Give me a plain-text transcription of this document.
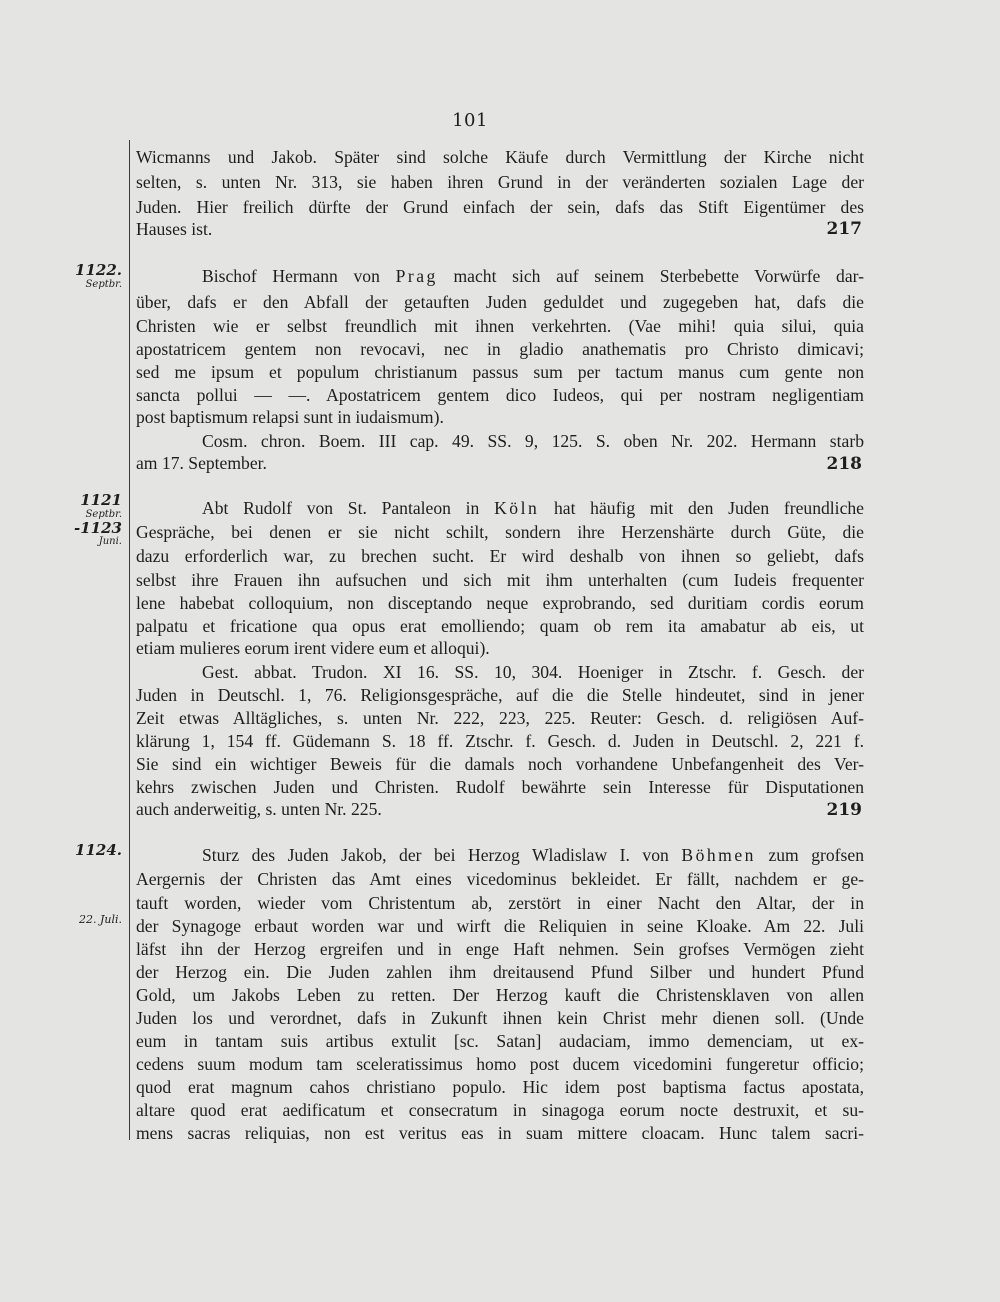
101
1122.
Septbr.
1121
Septbr.
-1123
Juni.
1124.
22. Juli.
Wicmanns und Jakob. Später sind solche Käufe durch Vermittlung der Kirche nicht
selten, s. unten Nr. 313, sie haben ihren Grund in der veränderten sozialen Lage der
Juden. Hier freilich dürfte der Grund einfach der sein, dafs das Stift Eigentümer des
Hauses ist.	217
Bischof Hermann von Prag macht sich auf seinem Sterbebette Vorwürfe dar-
über, dafs er den Abfall der getauften Juden geduldet und zugegeben hat, dafs die
Christen wie er selbst freundlich mit ihnen verkehrten. (Vae mihi! quia silui, quia
apostatricem gentem non revocavi, nec in gladio anathematis pro Christo dimicavi;
sed me ipsum et populum christianum passus sum per tactum manus cum gente non
sancta pollui — —. Apostatricem gentem dico Iudeos, qui per nostram negligentiam
post baptismum relapsi sunt in iudaismum).
Cosm. chron. Boem. III cap. 49. SS. 9, 125. S. oben Nr. 202. Hermann starb
am 17. September.	218
Abt Rudolf von St. Pantaleon in Köln hat häufig mit den Juden freundliche
Gespräche, bei denen er sie nicht schilt, sondern ihre Herzenshärte durch Güte, die
dazu erforderlich war, zu brechen sucht. Er wird deshalb von ihnen so geliebt, dafs
selbst ihre Frauen ihn aufsuchen und sich mit ihm unterhalten (cum Iudeis frequenter
lene habebat colloquium, non disceptando neque exprobrando, sed duritiam cordis eorum
palpatu et fricatione qua opus erat emolliendo; quam ob rem ita amabatur ab eis, ut
etiam mulieres eorum irent videre eum et alloqui).
Gest. abbat. Trudon. XI 16. SS. 10, 304. Hoeniger in Ztschr. f. Gesch. der
Juden in Deutschl. 1, 76. Religionsgespräche, auf die die Stelle hindeutet, sind in jener
Zeit etwas Alltägliches, s. unten Nr. 222, 223, 225. Reuter: Gesch. d. religiösen Auf-
klärung 1, 154 ff. Güdemann S. 18 ff. Ztschr. f. Gesch. d. Juden in Deutschl. 2, 221 f.
Sie sind ein wichtiger Beweis für die damals noch vorhandene Unbefangenheit des Ver-
kehrs zwischen Juden und Christen. Rudolf bewährte sein Interesse für Disputationen
auch anderweitig, s. unten Nr. 225.	219
Sturz des Juden Jakob, der bei Herzog Wladislaw I. von Böhmen zum grofsen
Aergernis der Christen das Amt eines vicedominus bekleidet. Er fällt, nachdem er ge-
tauft worden, wieder vom Christentum ab, zerstört in einer Nacht den Altar, der in
der Synagoge erbaut worden war und wirft die Reliquien in seine Kloake. Am 22. Juli
läfst ihn der Herzog ergreifen und in enge Haft nehmen. Sein grofses Vermögen zieht
der Herzog ein. Die Juden zahlen ihm dreitausend Pfund Silber und hundert Pfund
Gold, um Jakobs Leben zu retten. Der Herzog kauft die Christensklaven von allen
Juden los und verordnet, dafs in Zukunft ihnen kein Christ mehr dienen soll. (Unde
eum in tantam suis artibus extulit [sc. Satan] audaciam, immo demenciam, ut ex-
cedens suum modum tam sceleratissimus homo post ducem vicedomini fungeretur officio;
quod erat magnum cahos christiano populo. Hic idem post baptisma factus apostata,
altare quod erat aedificatum et consecratum in sinagoga eorum nocte destruxit, et su-
mens sacras reliquias, non est veritus eas in suam mittere cloacam. Hunc talem sacri-
